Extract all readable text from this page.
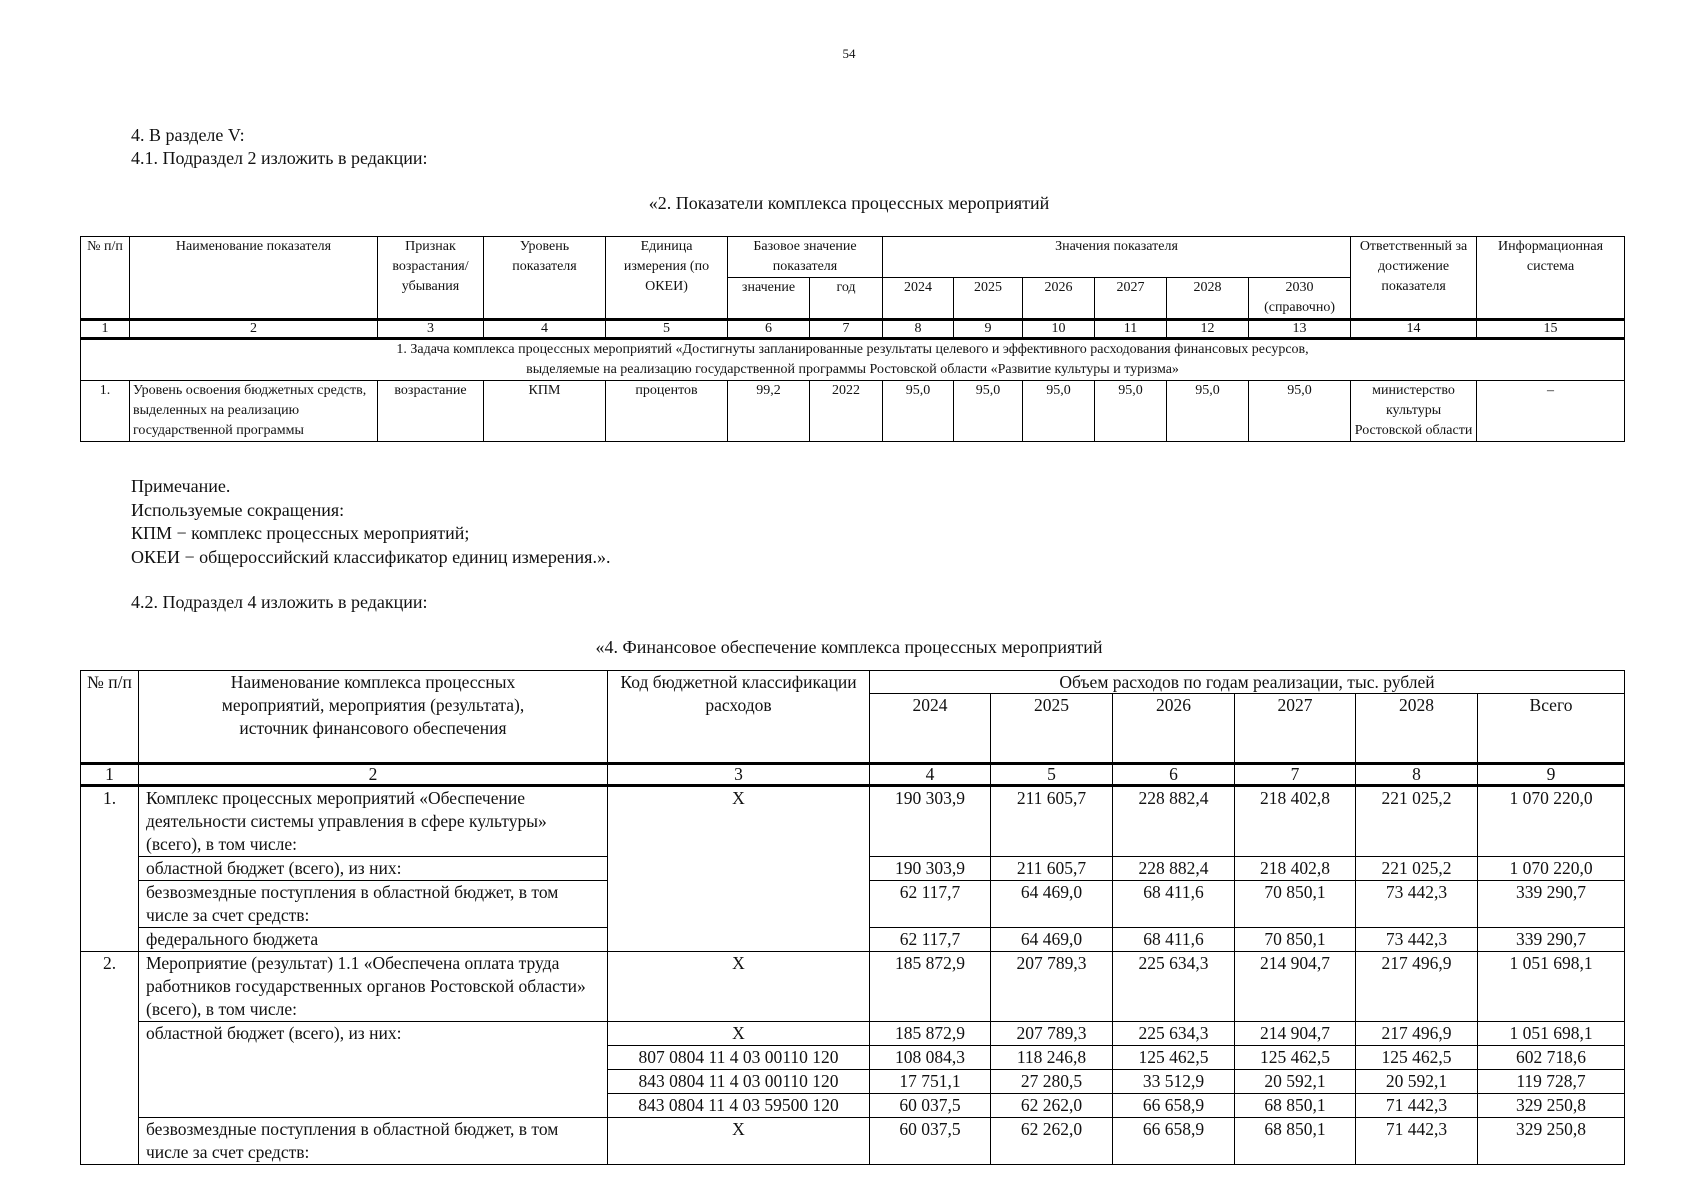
54
4. В разделе V:
4.1. Подраздел 2 изложить в редакции:
«2. Показатели комплекса процессных мероприятий
№ п/п	Наименование показателя	Признак возрастания/ убывания	Уровень показателя	Единица измерения (по ОКЕИ)	Базовое значение показателя		Значения показателя						Ответственный за достижение показателя	Информационная система
					значение	год	2024	2025	2026	2027	2028	2030 (справочно)		
1	2	3	4	5	6	7	8	9	10	11	12	13	14	15
1. Задача комплекса процессных мероприятий «Достигнуты запланированные результаты целевого и эффективного расходования финансовых ресурсов, выделяемые на реализацию государственной программы Ростовской области «Развитие культуры и туризма»														
1.	Уровень освоения бюджетных средств, выделенных на реализацию государственной программы	возрастание	КПМ	процентов	99,2	2022	95,0	95,0	95,0	95,0	95,0	95,0	министерство культуры Ростовской области	–
Примечание.
Используемые сокращения:
КПМ − комплекс процессных мероприятий;
ОКЕИ − общероссийский классификатор единиц измерения.».
4.2. Подраздел 4 изложить в редакции:
«4. Финансовое обеспечение комплекса процессных мероприятий
№ п/п	Наименование комплекса процессных мероприятий, мероприятия (результата), источник финансового обеспечения	Код бюджетной классификации расходов	Объем расходов по годам реализации, тыс. рублей					
			2024	2025	2026	2027	2028	Всего
1	2	3	4	5	6	7	8	9
1.	Комплекс процессных мероприятий «Обеспечение деятельности системы управления в сфере культуры» (всего), в том числе:	Х	190 303,9	211 605,7	228 882,4	218 402,8	221 025,2	1 070 220,0
	областной бюджет (всего), из них:		190 303,9	211 605,7	228 882,4	218 402,8	221 025,2	1 070 220,0
	безвозмездные поступления в областной бюджет, в том числе за счет средств:		62 117,7	64 469,0	68 411,6	70 850,1	73 442,3	339 290,7
	федерального бюджета		62 117,7	64 469,0	68 411,6	70 850,1	73 442,3	339 290,7
2.	Мероприятие (результат) 1.1 «Обеспечена оплата труда работников государственных органов Ростовской области» (всего), в том числе:	Х	185 872,9	207 789,3	225 634,3	214 904,7	217 496,9	1 051 698,1
	областной бюджет (всего), из них:	Х	185 872,9	207 789,3	225 634,3	214 904,7	217 496,9	1 051 698,1
		807 0804 11 4 03 00110 120	108 084,3	118 246,8	125 462,5	125 462,5	125 462,5	602 718,6
		843 0804 11 4 03 00110 120	17 751,1	27 280,5	33 512,9	20 592,1	20 592,1	119 728,7
		843 0804 11 4 03 59500 120	60 037,5	62 262,0	66 658,9	68 850,1	71 442,3	329 250,8
	безвозмездные поступления в областной бюджет, в том числе за счет средств:	Х	60 037,5	62 262,0	66 658,9	68 850,1	71 442,3	329 250,8
